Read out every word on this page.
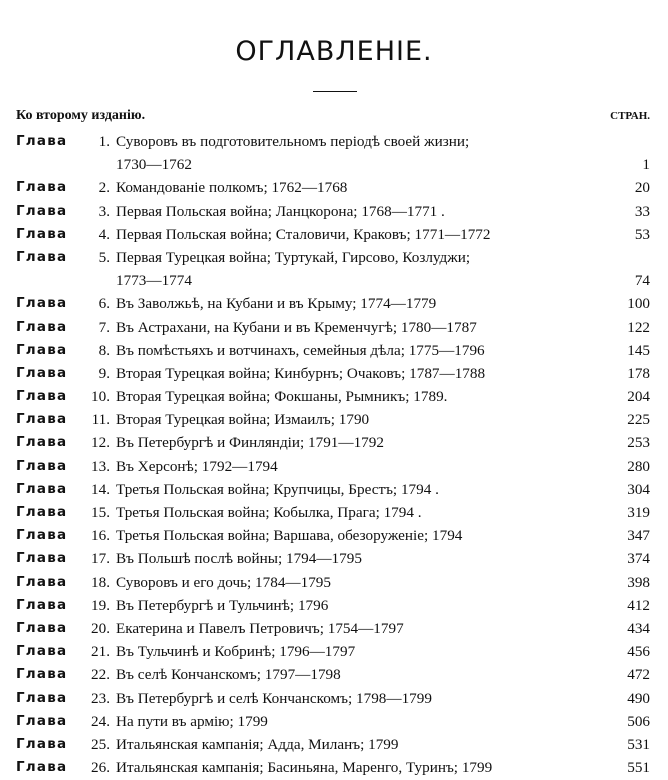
ОГЛАВЛЕНIЕ.
Ко второму изданію.	СТРАН.
Глава	1. Суворовъ въ подготовительномъ періодѣ своей жизни;
1730—1762	1
Глава	2. Командованіе полкомъ; 1762—1768	20
Глава	3. Первая Польская война; Ланцкорона; 1768—1771 .	33
Глава	4. Первая Польская война; Сталовичи, Краковъ; 1771—1772	53
Глава	5. Первая Турецкая война; Туртукай, Гирсово, Козлуджи;
1773—1774	74
Глава	6. Въ Заволжьѣ, на Кубани и въ Крыму; 1774—1779	100
Глава	7. Въ Астрахани, на Кубани и въ Кременчугѣ; 1780—1787	122
Глава	8. Въ помѣстьяхъ и вотчинахъ, семейныя дѣла; 1775—1796	145
Глава	9. Вторая Турецкая война; Кинбурнъ; Очаковъ; 1787—1788	178
Глава	10. Вторая Турецкая война; Фокшаны, Рымникъ; 1789.	204
Глава	11. Вторая Турецкая война; Измаилъ; 1790	225
Глава	12. Въ Петербургѣ и Финляндіи; 1791—1792	253
Глава	13. Въ Херсонѣ; 1792—1794	280
Глава	14. Третья Польская война; Крупчицы, Брестъ; 1794 .	304
Глава	15. Третья Польская война; Кобылка, Прага; 1794 .	319
Глава	16. Третья Польская война; Варшава, обезоруженіе; 1794	347
Глава	17. Въ Польшѣ послѣ войны; 1794—1795	374
Глава	18. Суворовъ и его дочь; 1784—1795	398
Глава	19. Въ Петербургѣ и Тульчинѣ; 1796	412
Глава	20. Екатерина и Павелъ Петровичъ; 1754—1797	434
Глава	21. Въ Тульчинѣ и Кобринѣ; 1796—1797	456
Глава	22. Въ селѣ Кончанскомъ; 1797—1798	472
Глава	23. Въ Петербургѣ и селѣ Кончанскомъ; 1798—1799	490
Глава	24. На пути въ армію; 1799	506
Глава	25. Итальянская кампанія; Адда, Миланъ; 1799	531
Глава	26. Итальянская кампанія; Басиньяна, Маренго, Туринъ; 1799	551
